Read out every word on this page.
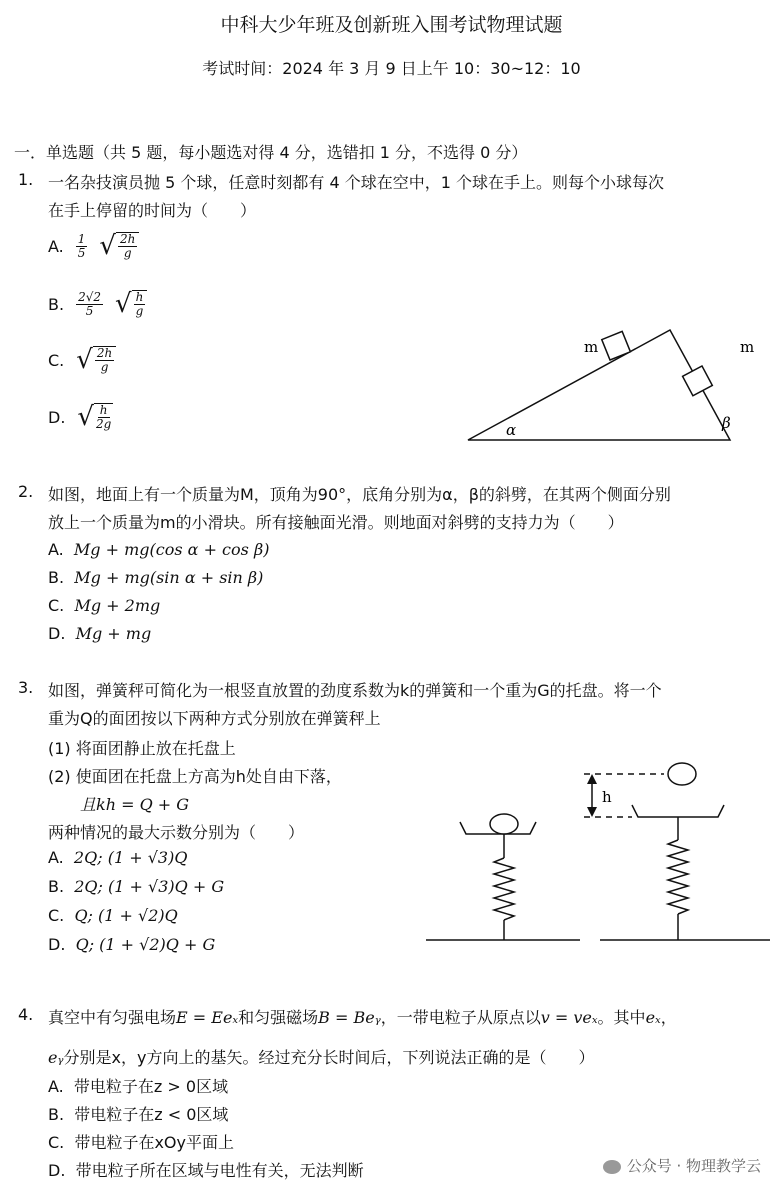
中科大少年班及创新班入围考试物理试题
考试时间：2024 年 3 月 9 日上午 10：30~12：10
一．单选题（共 5 题，每小题选对得 4 分，选错扣 1 分，不选得 0 分）
1. 一名杂技演员抛 5 个球，任意时刻都有 4 个球在空中，1 个球在手上。则每个小球每次
在手上停留的时间为（　　）
A. $\frac{1}{5}$ √ $\frac{2h}{g}$
B. $\frac{2√2}{5}$ √ $\frac{h}{g}$
C. √ $\frac{2h}{g}$
D. √ $\frac{h}{2g}$
m	m
α	β
2. 如图，地面上有一个质量为M，顶角为90°，底角分别为α，β的斜劈，在其两个侧面分别
放上一个质量为m的小滑块。所有接触面光滑。则地面对斜劈的支持力为（　　）
A. Mg + mg(cos α + cos β)
B. Mg + mg(sin α + sin β)
C. Mg + 2mg
D. Mg + mg
3. 如图，弹簧秤可简化为一根竖直放置的劲度系数为k的弹簧和一个重为G的托盘。将一个
重为Q的面团按以下两种方式分别放在弹簧秤上
(1) 将面团静止放在托盘上
(2) 使面团在托盘上方高为h处自由下落，
且kh = Q + G
两种情况的最大示数分别为（　　）
A. 2Q; (1 + √3)Q
B. 2Q; (1 + √3)Q + G
C. Q; (1 + √2)Q
D. Q; (1 + √2)Q + G
h
4. 真空中有匀强电场E = Eeₓ和匀强磁场B = Beᵧ，一带电粒子从原点以v = veₓ。其中eₓ，
eᵧ分别是x，y方向上的基矢。经过充分长时间后，下列说法正确的是（　　）
A. 带电粒子在z > 0区域
B. 带电粒子在z < 0区域
C. 带电粒子在xOy平面上
D. 带电粒子所在区域与电性有关，无法判断	公众号 · 物理教学云
